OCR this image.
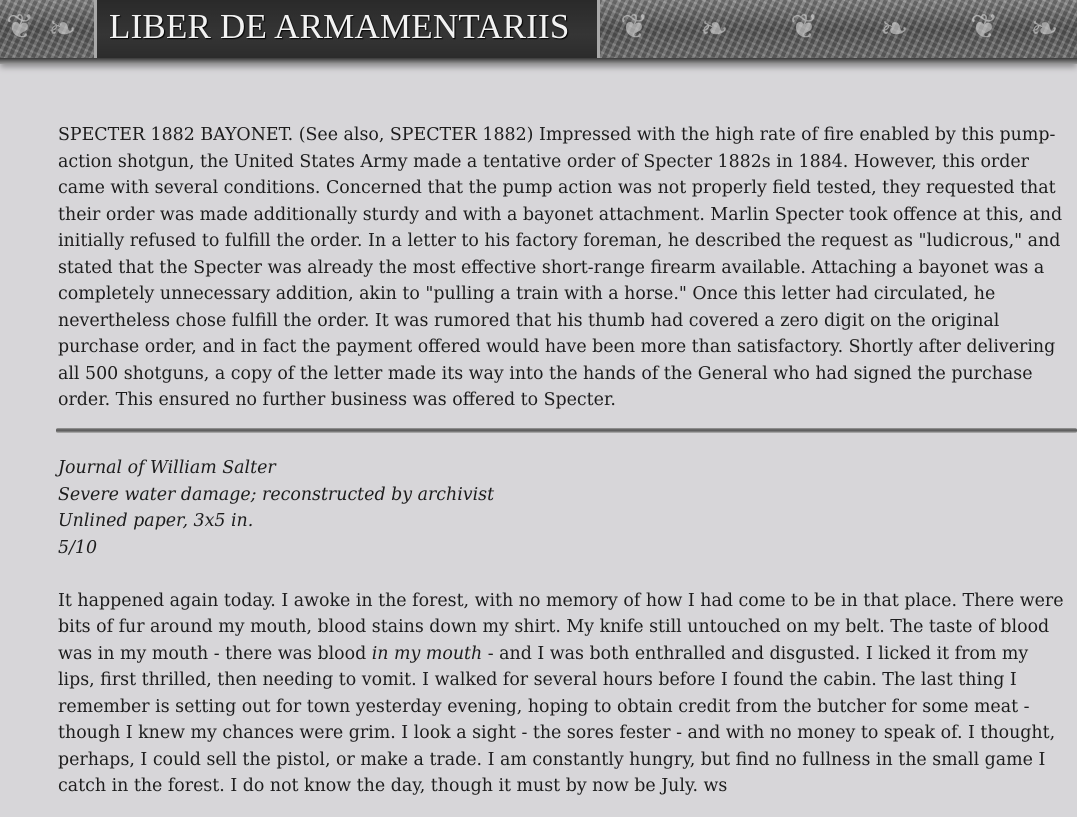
❦ ❧	❦ ❧ ❦ ❧ ❦ ❧
LIBER DE ARMAMENTARIIS

SPECTER 1882 BAYONET. (See also, SPECTER 1882) Impressed with the high rate of fire enabled by this pump-action shotgun, the United States Army made a tentative order of Specter 1882s in 1884. However, this order came with several conditions. Concerned that the pump action was not properly field tested, they requested that their order was made additionally sturdy and with a bayonet attachment. Marlin Specter took offence at this, and initially refused to fulfill the order. In a letter to his factory foreman, he described the request as "ludicrous," and stated that the Specter was already the most effective short-range firearm available. Attaching a bayonet was a completely unnecessary addition, akin to "pulling a train with a horse." Once this letter had circulated, he nevertheless chose fulfill the order. It was rumored that his thumb had covered a zero digit on the original purchase order, and in fact the payment offered would have been more than satisfactory. Shortly after delivering all 500 shotguns, a copy of the letter made its way into the hands of the General who had signed the purchase order. This ensured no further business was offered to Specter.

Journal of William Salter
Severe water damage; reconstructed by archivist
Unlined paper, 3x5 in.
5/10

It happened again today. I awoke in the forest, with no memory of how I had come to be in that place. There were bits of fur around my mouth, blood stains down my shirt. My knife still untouched on my belt. The taste of blood was in my mouth - there was blood in my mouth - and I was both enthralled and disgusted. I licked it from my lips, first thrilled, then needing to vomit. I walked for several hours before I found the cabin. The last thing I remember is setting out for town yesterday evening, hoping to obtain credit from the butcher for some meat - though I knew my chances were grim. I look a sight - the sores fester - and with no money to speak of. I thought, perhaps, I could sell the pistol, or make a trade. I am constantly hungry, but find no fullness in the small game I catch in the forest. I do not know the day, though it must by now be July. ws
